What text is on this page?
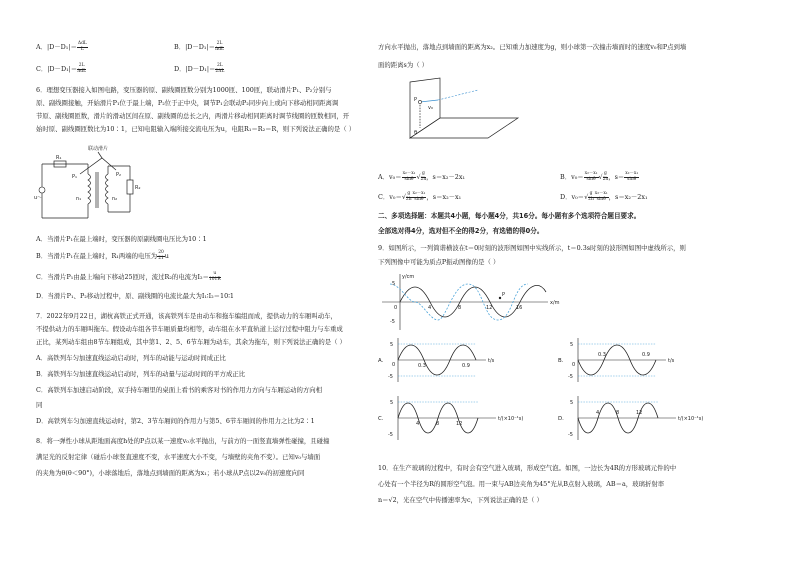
A．$|D-D_1|= \frac{\text{ΔdL}}{L}$	B．$|D-D_1|= \frac{2L}{\text{ΔdL}}$
C．$|D-D_1|= \frac{2L}{\text{ΔdL}}$	D．$|D-D_1|= \frac{2L}{2\Delta L}$
6．理想变压器接入如图电路，变压器的原、副线圈匝数分别为1000匝、100匝，联动滑片P₁、P₂分别与
原、副线圈接触，开始滑片P₁位于最上端，P₂位于正中央，调节P₁会联动P₂同步向上或向下移动相同距离调
节原、副线圈匝数，滑片的滑动区间在原、副线圈的总长之内，两滑片移动相同距离时调节线圈的匝数相同，开
始时原、副线圈匝数比为10∶1，已知电阻输入端所接交流电压为u，电阻R₁＝R₂＝R，则下列说法正确的是（ ）
联动滑片
u～
R₁
R₂
P₁	P₂
n₁	n₂
A．当滑片P₁在最上端时，变压器的原副线圈电压比为10∶1
B．当滑片P₁在最上端时，R₁两端的电压为 $\frac{20}{21}$ u
C．当滑片P₁由最上端向下移动25匝时，流过R₂的电流为$I_2= \frac{u}{101R}$
D．当滑片P₁、P₂移动过程中，原、副线圈的电流比最大为I₁∶I₂＝10∶1
7．2022年9月22日，湖杭高铁正式开通，该高铁列车是由动车和拖车编组而成，提供动力的车厢叫动车，
不提供动力的车厢叫拖车。假设动车组各节车厢质量均相等，动车组在水平直轨道上运行过程中阻力与车重成
正比，某列动车组由8节车厢组成，其中第1、2、5、6节车厢为动车，其余为拖车，则下列说法正确的是（ ）
A．高铁列车匀加速直线运动启动时，列车的动能与运动时间成正比
B．高铁列车匀加速直线运动启动时，列车的动量与运动时间的平方成正比
C．高铁列车加速启动阶段，双手持车厢里的桌面上看书的乘客对书的作用力方向与车厢运动的方向相
同
D．高铁列车匀加速直线运动时，第2、3节车厢间的作用力与第5、6节车厢间的作用力之比为2∶1
8．将一弹性小球从距地面高度h处的P点以某一速度v₀水平抛出，与前方的一面竖直墙弹性碰撞，且碰撞
满足光的反射定律（碰后小球竖直速度不变，水平速度大小不变，与墙壁的夹角不变）。已知v₀与墙面
的夹角为θ(θ＜90°)，小球落地后，落地点到墙面的距离为x₁；若小球从P点以2v₀的初速度向同
方向水平抛出，落地点到墙面的距离为x₂。已知重力加速度为g，则小球第一次撞击墙面时的速度v₀和P点到墙
面的距离s为（ ）
P
v₀
θ
A．$v_0= \frac{\text{x₂－x₁}}{\sin\theta}$ √ $\frac{g}{2h}$ ，s＝x₂－2x₁	B．$v_0= \frac{\text{x₂－x₁}}{\sin\theta}$ √ $\frac{g}{2h}$ ，$s= \frac{\text{x₂－x₁}}{\sin\theta}$
C．$v_0=√ \frac{g}{2h} \frac{\text{x₂－x₁}}{\sin\theta}$ ，s＝x₂－x₁	D．$v_0=√ \frac{g}{2h} \frac{\text{x₂－x₁}}{\sin\theta}$ ，s＝x₂－2x₁
二、多项选择题：本题共4小题，每小题4分，共16分。每小题有多个选项符合题目要求。
全部选对得4分，选对但不全的得2分，有选错的得0分。
9．如图所示，一列简谐横波在t＝0时刻的波形图如图中实线所示，t＝0.3s时刻的波形图如图中虚线所示，则
下列图像中可能为质点P振动图像的是（ ）
y/cm
x/m
P
5
-5
0	4	8	12	16
A.
5
-5
0	0.3	0.9
t/s	B.
5
-5
0
0.3	0.9
t/s
C.
5
-5
4	8	12
t/(×10⁻¹s)	D.
5
-5
4	8	12
t/(×10⁻¹s)
10．在生产玻璃的过程中，有时会有空气进入玻璃，形成空气泡。如图，一边长为4R的方形玻璃元件的中
心处有一个半径为R的圆形空气泡。用一束与AB边夹角为45°光从B点射入玻璃，AB＝a，玻璃折射率
n＝√2，光在空气中传播速率为c，下列说法正确的是（ ）
